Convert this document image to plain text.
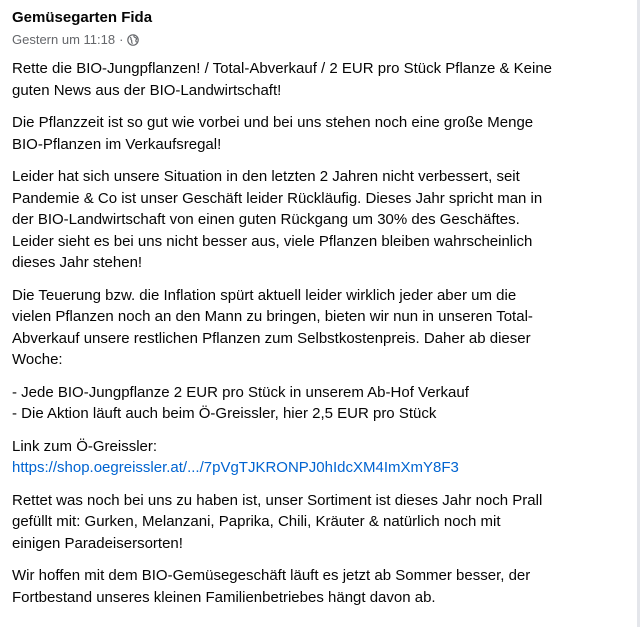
Gemüsegarten Fida
Gestern um 11:18 ·

Rette die BIO-Jungpflanzen! / Total-Abverkauf / 2 EUR pro Stück Pflanze & Keine
guten News aus der BIO-Landwirtschaft!

Die Pflanzzeit ist so gut wie vorbei und bei uns stehen noch eine große Menge
BIO-Pflanzen im Verkaufsregal!

Leider hat sich unsere Situation in den letzten 2 Jahren nicht verbessert, seit
Pandemie & Co ist unser Geschäft leider Rückläufig. Dieses Jahr spricht man in
der BIO-Landwirtschaft von einen guten Rückgang um 30% des Geschäftes.
Leider sieht es bei uns nicht besser aus, viele Pflanzen bleiben wahrscheinlich
dieses Jahr stehen!

Die Teuerung bzw. die Inflation spürt aktuell leider wirklich jeder aber um die
vielen Pflanzen noch an den Mann zu bringen, bieten wir nun in unseren Total-
Abverkauf unsere restlichen Pflanzen zum Selbstkostenpreis. Daher ab dieser
Woche:

- Jede BIO-Jungpflanze 2 EUR pro Stück in unserem Ab-Hof Verkauf
- Die Aktion läuft auch beim Ö-Greissler, hier 2,5 EUR pro Stück

Link zum Ö-Greissler:
https://shop.oegreissler.at/.../7pVgTJKRONPJ0hIdcXM4ImXmY8F3

Rettet was noch bei uns zu haben ist, unser Sortiment ist dieses Jahr noch Prall
gefüllt mit: Gurken, Melanzani, Paprika, Chili, Kräuter & natürlich noch mit
einigen Paradeisersorten!

Wir hoffen mit dem BIO-Gemüsegeschäft läuft es jetzt ab Sommer besser, der
Fortbestand unseres kleinen Familienbetriebes hängt davon ab.
